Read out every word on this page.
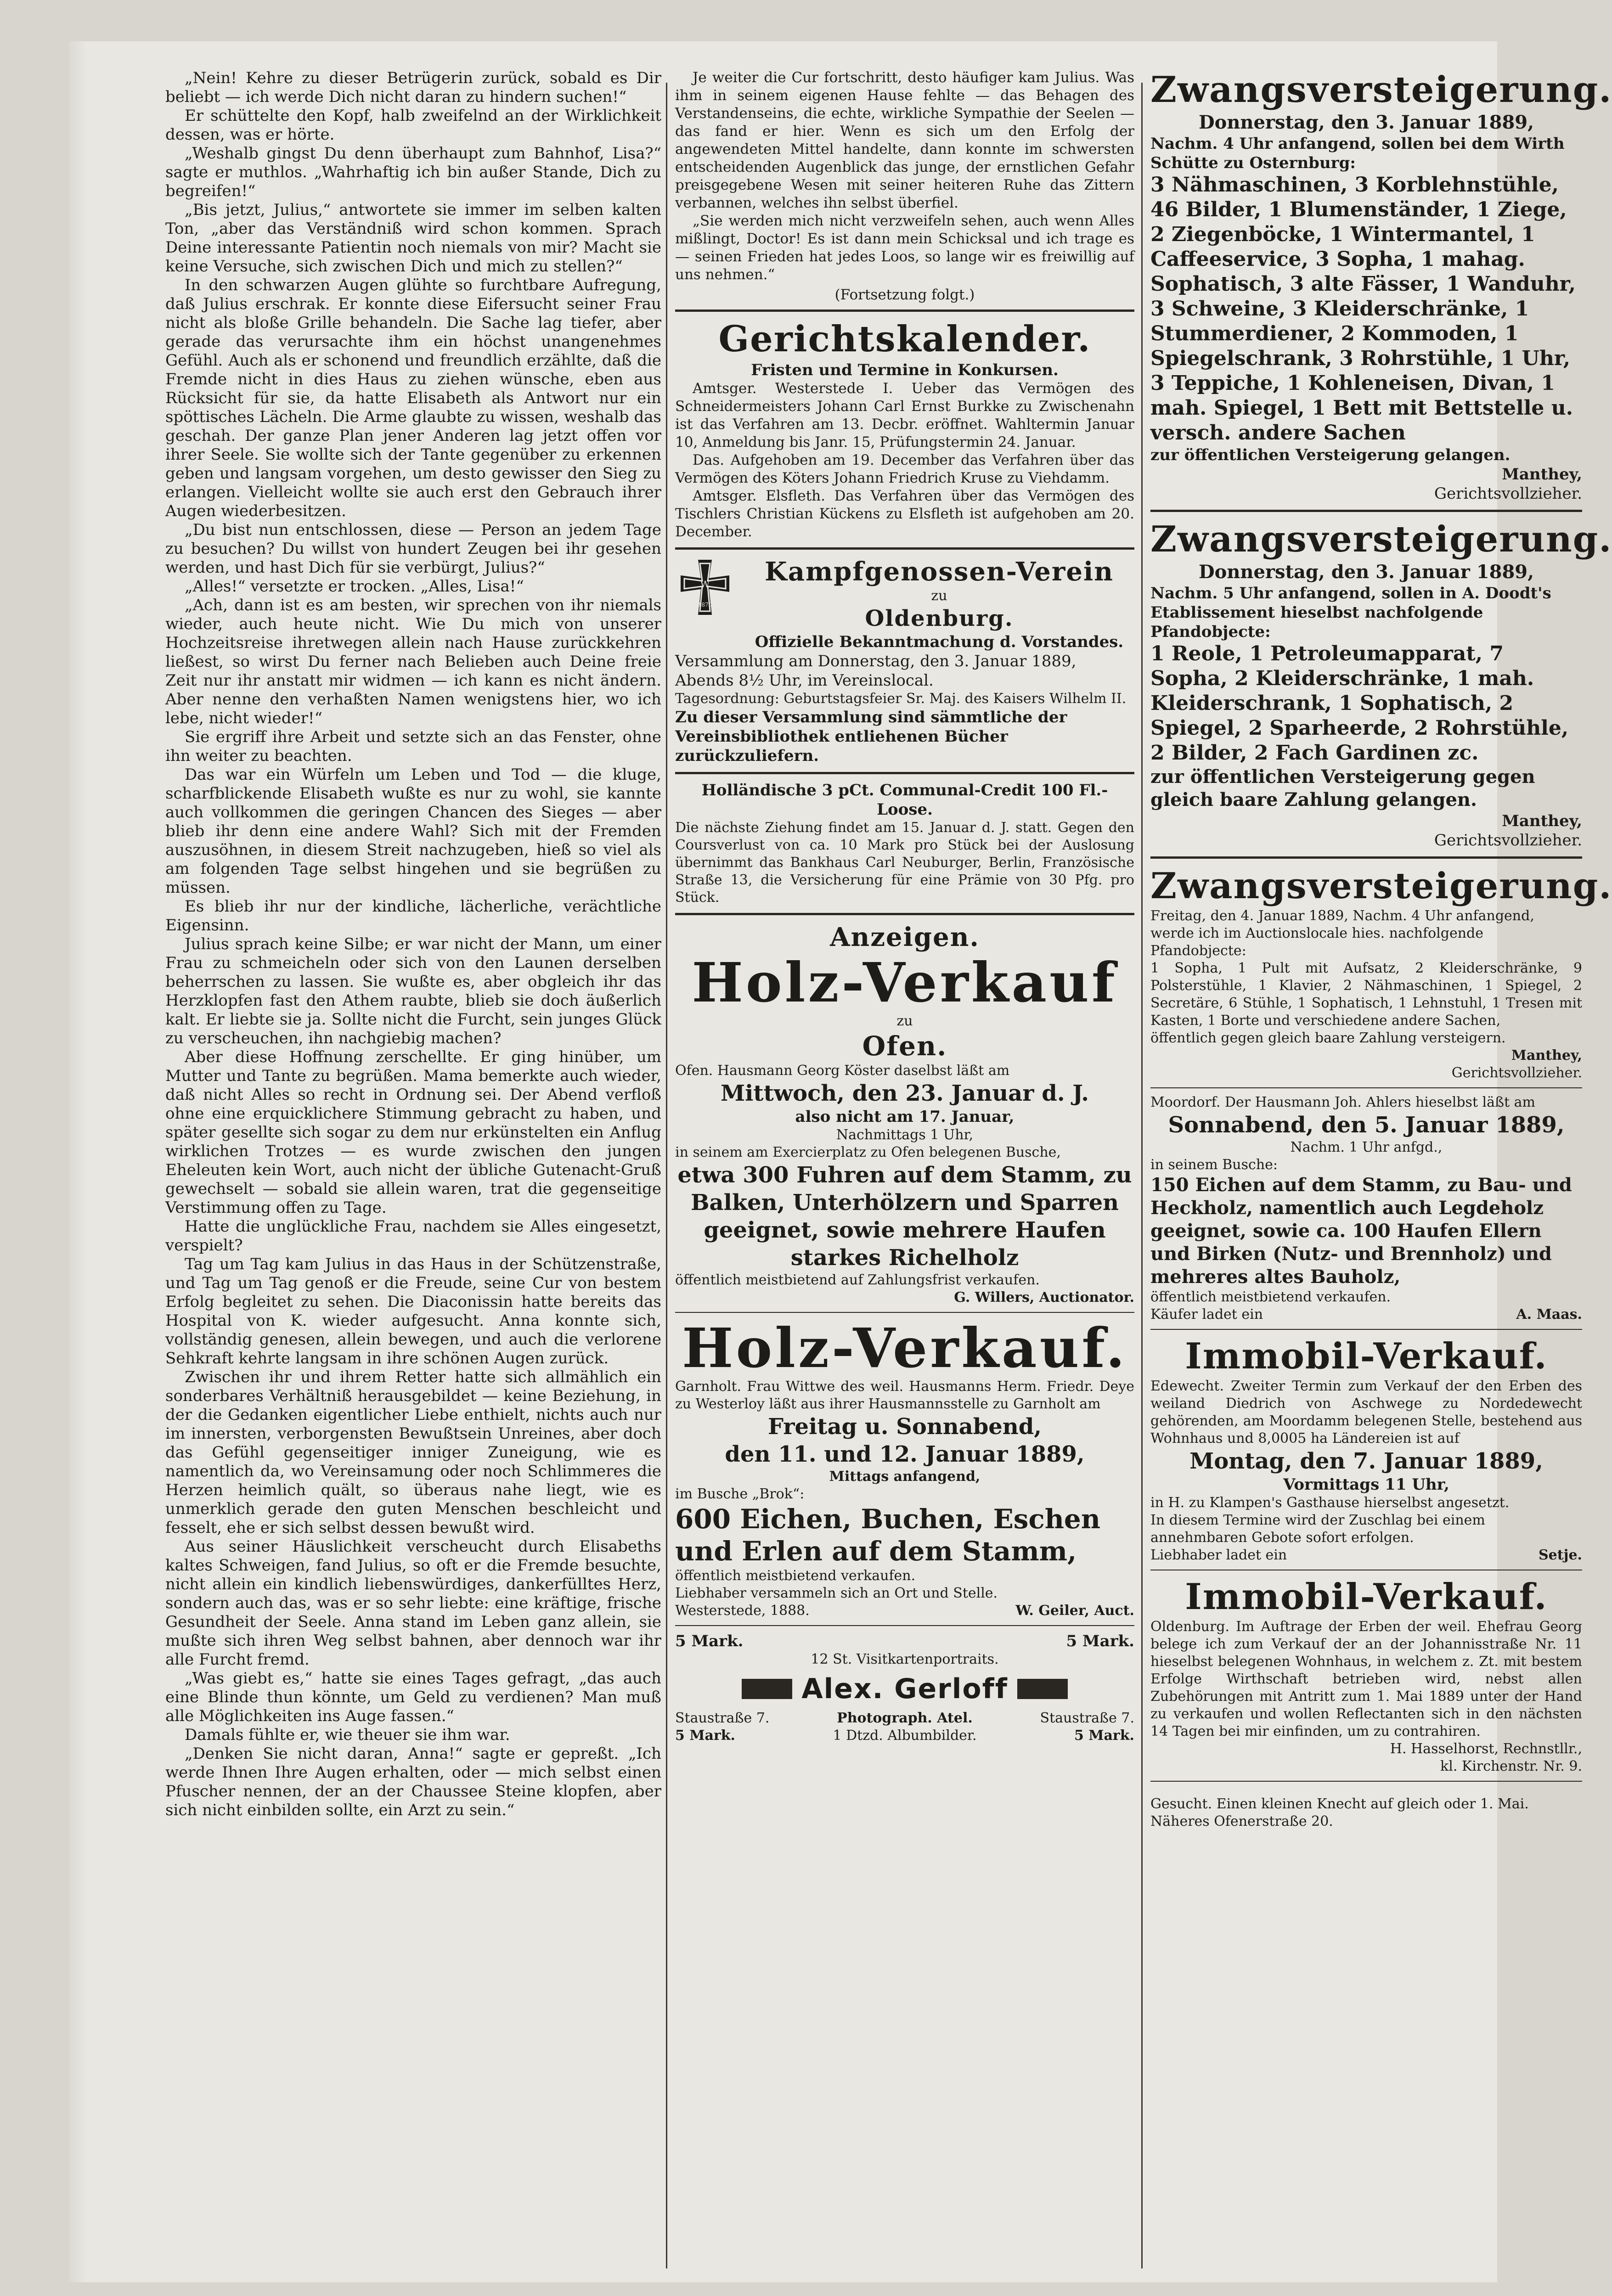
„Nein! Kehre zu dieser Betrügerin zurück, sobald es Dir beliebt — ich werde Dich nicht daran zu hindern suchen!“

Er schüttelte den Kopf, halb zweifelnd an der Wirklichkeit dessen, was er hörte.

„Weshalb gingst Du denn überhaupt zum Bahnhof, Lisa?“ sagte er muthlos. „Wahrhaftig ich bin außer Stande, Dich zu begreifen!“

„Bis jetzt, Julius,“ antwortete sie immer im selben kalten Ton, „aber das Verständniß wird schon kommen. Sprach Deine interessante Patientin noch niemals von mir? Macht sie keine Versuche, sich zwischen Dich und mich zu stellen?“

In den schwarzen Augen glühte so furchtbare Aufregung, daß Julius erschrak. Er konnte diese Eifersucht seiner Frau nicht als bloße Grille behandeln. Die Sache lag tiefer, aber gerade das verursachte ihm ein höchst unangenehmes Gefühl. Auch als er schonend und freundlich erzählte, daß die Fremde nicht in dies Haus zu ziehen wünsche, eben aus Rücksicht für sie, da hatte Elisabeth als Antwort nur ein spöttisches Lächeln. Die Arme glaubte zu wissen, weshalb das geschah. Der ganze Plan jener Anderen lag jetzt offen vor ihrer Seele. Sie wollte sich der Tante gegenüber zu erkennen geben und langsam vorgehen, um desto gewisser den Sieg zu erlangen. Vielleicht wollte sie auch erst den Gebrauch ihrer Augen wiederbesitzen.

„Du bist nun entschlossen, diese — Person an jedem Tage zu besuchen? Du willst von hundert Zeugen bei ihr gesehen werden, und hast Dich für sie verbürgt, Julius?“

„Alles!“ versetzte er trocken. „Alles, Lisa!“

„Ach, dann ist es am besten, wir sprechen von ihr niemals wieder, auch heute nicht. Wie Du mich von unserer Hochzeitsreise ihretwegen allein nach Hause zurückkehren ließest, so wirst Du ferner nach Belieben auch Deine freie Zeit nur ihr anstatt mir widmen — ich kann es nicht ändern. Aber nenne den verhaßten Namen wenigstens hier, wo ich lebe, nicht wieder!“

Sie ergriff ihre Arbeit und setzte sich an das Fenster, ohne ihn weiter zu beachten.

Das war ein Würfeln um Leben und Tod — die kluge, scharfblickende Elisabeth wußte es nur zu wohl, sie kannte auch vollkommen die geringen Chancen des Sieges — aber blieb ihr denn eine andere Wahl? Sich mit der Fremden auszusöhnen, in diesem Streit nachzugeben, hieß so viel als am folgenden Tage selbst hingehen und sie begrüßen zu müssen.

Es blieb ihr nur der kindliche, lächerliche, verächtliche Eigensinn.

Julius sprach keine Silbe; er war nicht der Mann, um einer Frau zu schmeicheln oder sich von den Launen derselben beherrschen zu lassen. Sie wußte es, aber obgleich ihr das Herzklopfen fast den Athem raubte, blieb sie doch äußerlich kalt. Er liebte sie ja. Sollte nicht die Furcht, sein junges Glück zu verscheuchen, ihn nachgiebig machen?

Aber diese Hoffnung zerschellte. Er ging hinüber, um Mutter und Tante zu begrüßen. Mama bemerkte auch wieder, daß nicht Alles so recht in Ordnung sei. Der Abend verfloß ohne eine erquicklichere Stimmung gebracht zu haben, und später gesellte sich sogar zu dem nur erkünstelten ein Anflug wirklichen Trotzes — es wurde zwischen den jungen Eheleuten kein Wort, auch nicht der übliche Gutenacht-Gruß gewechselt — sobald sie allein waren, trat die gegenseitige Verstimmung offen zu Tage.

Hatte die unglückliche Frau, nachdem sie Alles eingesetzt, verspielt?

Tag um Tag kam Julius in das Haus in der Schützenstraße, und Tag um Tag genoß er die Freude, seine Cur von bestem Erfolg begleitet zu sehen. Die Diaconissin hatte bereits das Hospital von K. wieder aufgesucht. Anna konnte sich, vollständig genesen, allein bewegen, und auch die verlorene Sehkraft kehrte langsam in ihre schönen Augen zurück.

Zwischen ihr und ihrem Retter hatte sich allmählich ein sonderbares Verhältniß herausgebildet — keine Beziehung, in der die Gedanken eigentlicher Liebe enthielt, nichts auch nur im innersten, verborgensten Bewußtsein Unreines, aber doch das Gefühl gegenseitiger inniger Zuneigung, wie es namentlich da, wo Vereinsamung oder noch Schlimmeres die Herzen heimlich quält, so überaus nahe liegt, wie es unmerklich gerade den guten Menschen beschleicht und fesselt, ehe er sich selbst dessen bewußt wird.

Aus seiner Häuslichkeit verscheucht durch Elisabeths kaltes Schweigen, fand Julius, so oft er die Fremde besuchte, nicht allein ein kindlich liebenswürdiges, dankerfülltes Herz, sondern auch das, was er so sehr liebte: eine kräftige, frische Gesundheit der Seele. Anna stand im Leben ganz allein, sie mußte sich ihren Weg selbst bahnen, aber dennoch war ihr alle Furcht fremd.

„Was giebt es,“ hatte sie eines Tages gefragt, „das auch eine Blinde thun könnte, um Geld zu verdienen? Man muß alle Möglichkeiten ins Auge fassen.“

Damals fühlte er, wie theuer sie ihm war.

„Denken Sie nicht daran, Anna!“ sagte er gepreßt. „Ich werde Ihnen Ihre Augen erhalten, oder — mich selbst einen Pfuscher nennen, der an der Chaussee Steine klopfen, aber sich nicht einbilden sollte, ein Arzt zu sein.“

Je weiter die Cur fortschritt, desto häufiger kam Julius. Was ihm in seinem eigenen Hause fehlte — das Behagen des Verstandenseins, die echte, wirkliche Sympathie der Seelen — das fand er hier. Wenn es sich um den Erfolg der angewendeten Mittel handelte, dann konnte im schwersten entscheidenden Augenblick das junge, der ernstlichen Gefahr preisgegebene Wesen mit seiner heiteren Ruhe das Zittern verbannen, welches ihn selbst überfiel.

„Sie werden mich nicht verzweifeln sehen, auch wenn Alles mißlingt, Doctor! Es ist dann mein Schicksal und ich trage es — seinen Frieden hat jedes Loos, so lange wir es freiwillig auf uns nehmen.“

(Fortsetzung folgt.)
Gerichtskalender.
Fristen und Termine in Konkursen.

Amtsger. Westerstede I. Ueber das Vermögen des Schneidermeisters Johann Carl Ernst Burkke zu Zwischenahn ist das Verfahren am 13. Decbr. eröffnet. Wahltermin Januar 10, Anmeldung bis Janr. 15, Prüfungstermin 24. Januar.

Das. Aufgehoben am 19. December das Verfahren über das Vermögen des Köters Johann Friedrich Kruse zu Viehdamm.

Amtsger. Elsfleth. Das Verfahren über das Vermögen des Tischlers Christian Kückens zu Elsfleth ist aufgehoben am 20. December.

W
1870
Kampfgenossen-Verein
zu
Oldenburg.
Offizielle Bekanntmachung d. Vorstandes.

Versammlung am Donnerstag, den 3. Januar 1889, Abends 8½ Uhr, im Vereinslocal.

Tagesordnung: Geburtstagsfeier Sr. Maj. des Kaisers Wilhelm II.

Zu dieser Versammlung sind sämmtliche der Vereinsbibliothek entliehenen Bücher zurückzuliefern.

Holländische 3 pCt. Communal-Credit 100 Fl.-Loose.

Die nächste Ziehung findet am 15. Januar d. J. statt. Gegen den Coursverlust von ca. 10 Mark pro Stück bei der Auslosung übernimmt das Bankhaus Carl Neuburger, Berlin, Französische Straße 13, die Versicherung für eine Prämie von 30 Pfg. pro Stück.

Anzeigen.
Holz-Verkauf
zu
Ofen.

Ofen. Hausmann Georg Köster daselbst läßt am

Mittwoch, den 23. Januar d. J.

also nicht am 17. Januar,

Nachmittags 1 Uhr,

in seinem am Exercierplatz zu Ofen belegenen Busche,

etwa 300 Fuhren auf dem Stamm, zu Balken, Unterhölzern und Sparren geeignet, sowie mehrere Haufen starkes Richelholz

öffentlich meistbietend auf Zahlungsfrist verkaufen.

G. Willers, Auctionator.

Holz-Verkauf.

Garnholt. Frau Wittwe des weil. Hausmanns Herm. Friedr. Deye zu Westerloy läßt aus ihrer Hausmannsstelle zu Garnholt am

Freitag u. Sonnabend,

den 11. und 12. Januar 1889,

Mittags anfangend,

im Busche „Brok“:

600 Eichen, Buchen, Eschen und Erlen auf dem Stamm,

öffentlich meistbietend verkaufen.

Liebhaber versammeln sich an Ort und Stelle.

Westerstede, 1888.	W. Geiler, Auct.
5 Mark.	5 Mark.

12 St. Visitkartenportraits.

Alex. Gerloff
Staustraße 7.	Photograph. Atel.	Staustraße 7.
5 Mark.	1 Dtzd. Albumbilder.	5 Mark.
Zwangsversteigerung.

Donnerstag, den 3. Januar 1889,

Nachm. 4 Uhr anfangend, sollen bei dem Wirth Schütte zu Osternburg:

3 Nähmaschinen, 3 Korblehnstühle, 46 Bilder, 1 Blumenständer, 1 Ziege, 2 Ziegenböcke, 1 Wintermantel, 1 Caffeeservice, 3 Sopha, 1 mahag. Sophatisch, 3 alte Fässer, 1 Wanduhr, 3 Schweine, 3 Kleiderschränke, 1 Stummerdiener, 2 Kommoden, 1 Spiegelschrank, 3 Rohrstühle, 1 Uhr, 3 Teppiche, 1 Kohleneisen, Divan, 1 mah. Spiegel, 1 Bett mit Bettstelle u. versch. andere Sachen

zur öffentlichen Versteigerung gelangen.

Manthey,

Gerichtsvollzieher.

Zwangsversteigerung.

Donnerstag, den 3. Januar 1889,

Nachm. 5 Uhr anfangend, sollen in A. Doodt's Etablissement hieselbst nachfolgende Pfandobjecte:

1 Reole, 1 Petroleumapparat, 7 Sopha, 2 Kleiderschränke, 1 mah. Kleiderschrank, 1 Sophatisch, 2 Spiegel, 2 Sparheerde, 2 Rohrstühle, 2 Bilder, 2 Fach Gardinen zc.

zur öffentlichen Versteigerung gegen gleich baare Zahlung gelangen.

Manthey,

Gerichtsvollzieher.

Zwangsversteigerung.

Freitag, den 4. Januar 1889, Nachm. 4 Uhr anfangend, werde ich im Auctionslocale hies. nachfolgende Pfandobjecte:

1 Sopha, 1 Pult mit Aufsatz, 2 Kleiderschränke, 9 Polsterstühle, 1 Klavier, 2 Nähmaschinen, 1 Spiegel, 2 Secretäre, 6 Stühle, 1 Sophatisch, 1 Lehnstuhl, 1 Tresen mit Kasten, 1 Borte und verschiedene andere Sachen,

öffentlich gegen gleich baare Zahlung versteigern.

Manthey,

Gerichtsvollzieher.

Moordorf. Der Hausmann Joh. Ahlers hieselbst läßt am

Sonnabend, den 5. Januar 1889,

Nachm. 1 Uhr anfgd.,

in seinem Busche:

150 Eichen auf dem Stamm, zu Bau- und Heckholz, namentlich auch Legdeholz geeignet, sowie ca. 100 Haufen Ellern und Birken (Nutz- und Brennholz) und mehreres altes Bauholz,

öffentlich meistbietend verkaufen.

Käufer ladet ein	A. Maas.
Immobil-Verkauf.

Edewecht. Zweiter Termin zum Verkauf der den Erben des weiland Diedrich von Aschwege zu Nordedewecht gehörenden, am Moordamm belegenen Stelle, bestehend aus Wohnhaus und 8,0005 ha Ländereien ist auf

Montag, den 7. Januar 1889,

Vormittags 11 Uhr,

in H. zu Klampen's Gasthause hierselbst angesetzt.

In diesem Termine wird der Zuschlag bei einem annehmbaren Gebote sofort erfolgen.

Liebhaber ladet ein	Setje.
Immobil-Verkauf.

Oldenburg. Im Auftrage der Erben der weil. Ehefrau Georg belege ich zum Verkauf der an der Johannisstraße Nr. 11 hieselbst belegenen Wohnhaus, in welchem z. Zt. mit bestem Erfolge Wirthschaft betrieben wird, nebst allen Zubehörungen mit Antritt zum 1. Mai 1889 unter der Hand zu verkaufen und wollen Reflectanten sich in den nächsten 14 Tagen bei mir einfinden, um zu contrahiren.

H. Hasselhorst, Rechnstllr.,

kl. Kirchenstr. Nr. 9.

Gesucht. Einen kleinen Knecht auf gleich oder 1. Mai. Näheres Ofenerstraße 20.
